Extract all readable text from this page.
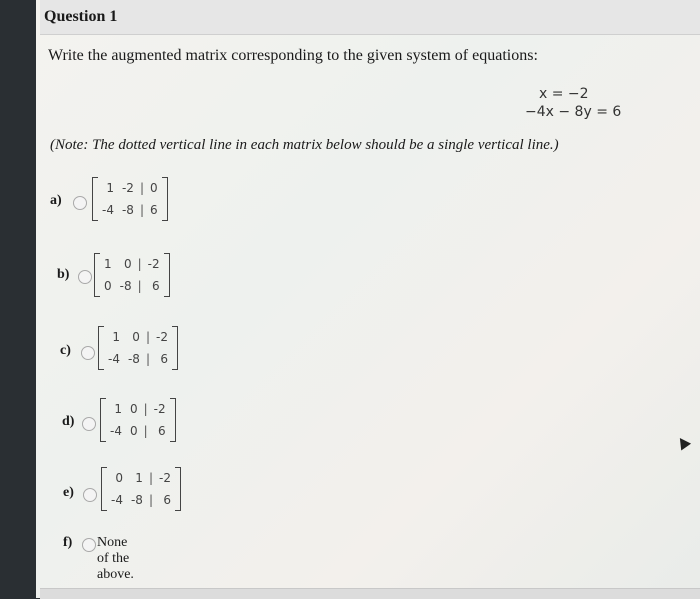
Question 1
Write the augmented matrix corresponding to the given system of equations:
x = −2
−4x − 8y = 6
(Note: The dotted vertical line in each matrix below should be a single vertical line.)
a)
1	-2	|	0
-4	-8	|	6
b)
1	0	|	-2
0	-8	|	6
c)
1	0	|	-2
-4	-8	|	6
d)
1	0	|	-2
-4	0	|	6
e)
0	1	|	-2
-4	-8	|	6
f) None of the above.
